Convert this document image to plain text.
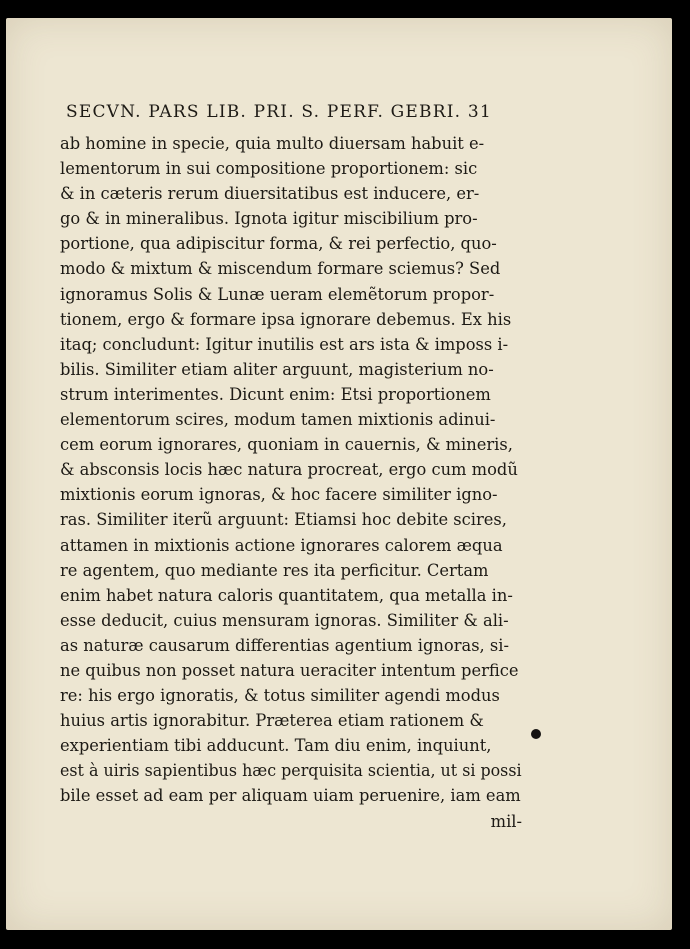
SECVN. PARS LIB. PRI. S. PERF. GEBRI. 31

ab homine in specie, quia multo diuersam habuit e-
lementorum in sui compositione proportionem: sic
& in cæteris rerum diuersitatibus est inducere, er-
go & in mineralibus. Ignota igitur miscibilium pro-
portione, qua adipiscitur forma, & rei perfectio, quo-
modo & mixtum & miscendum formare sciemus? Sed
ignoramus Solis & Lunæ ueram elemẽtorum propor-
tionem, ergo & formare ipsa ignorare debemus. Ex his
itaq; concludunt: Igitur inutilis est ars ista & imposs i-
bilis. Similiter etiam aliter arguunt, magisterium no-
strum interimentes. Dicunt enim: Etsi proportionem
elementorum scires, modum tamen mixtionis adinui-
cem eorum ignorares, quoniam in cauernis, & mineris,
& absconsis locis hæc natura procreat, ergo cum modũ
mixtionis eorum ignoras, & hoc facere similiter igno-
ras. Similiter iterũ arguunt: Etiamsi hoc debite scires,
attamen in mixtionis actione ignorares calorem æqua
re agentem, quo mediante res ita perficitur. Certam
enim habet natura caloris quantitatem, qua metalla in-
esse deducit, cuius mensuram ignoras. Similiter & ali-
as naturæ causarum differentias agentium ignoras, si-
ne quibus non posset natura ueraciter intentum perfice
re: his ergo ignoratis, & totus similiter agendi modus
huius artis ignorabitur. Præterea etiam rationem &
experientiam tibi adducunt. Tam diu enim, inquiunt,
est à uiris sapientibus hæc perquisita scientia, ut si possi
bile esset ad eam per aliquam uiam peruenire, iam eam
mil-
